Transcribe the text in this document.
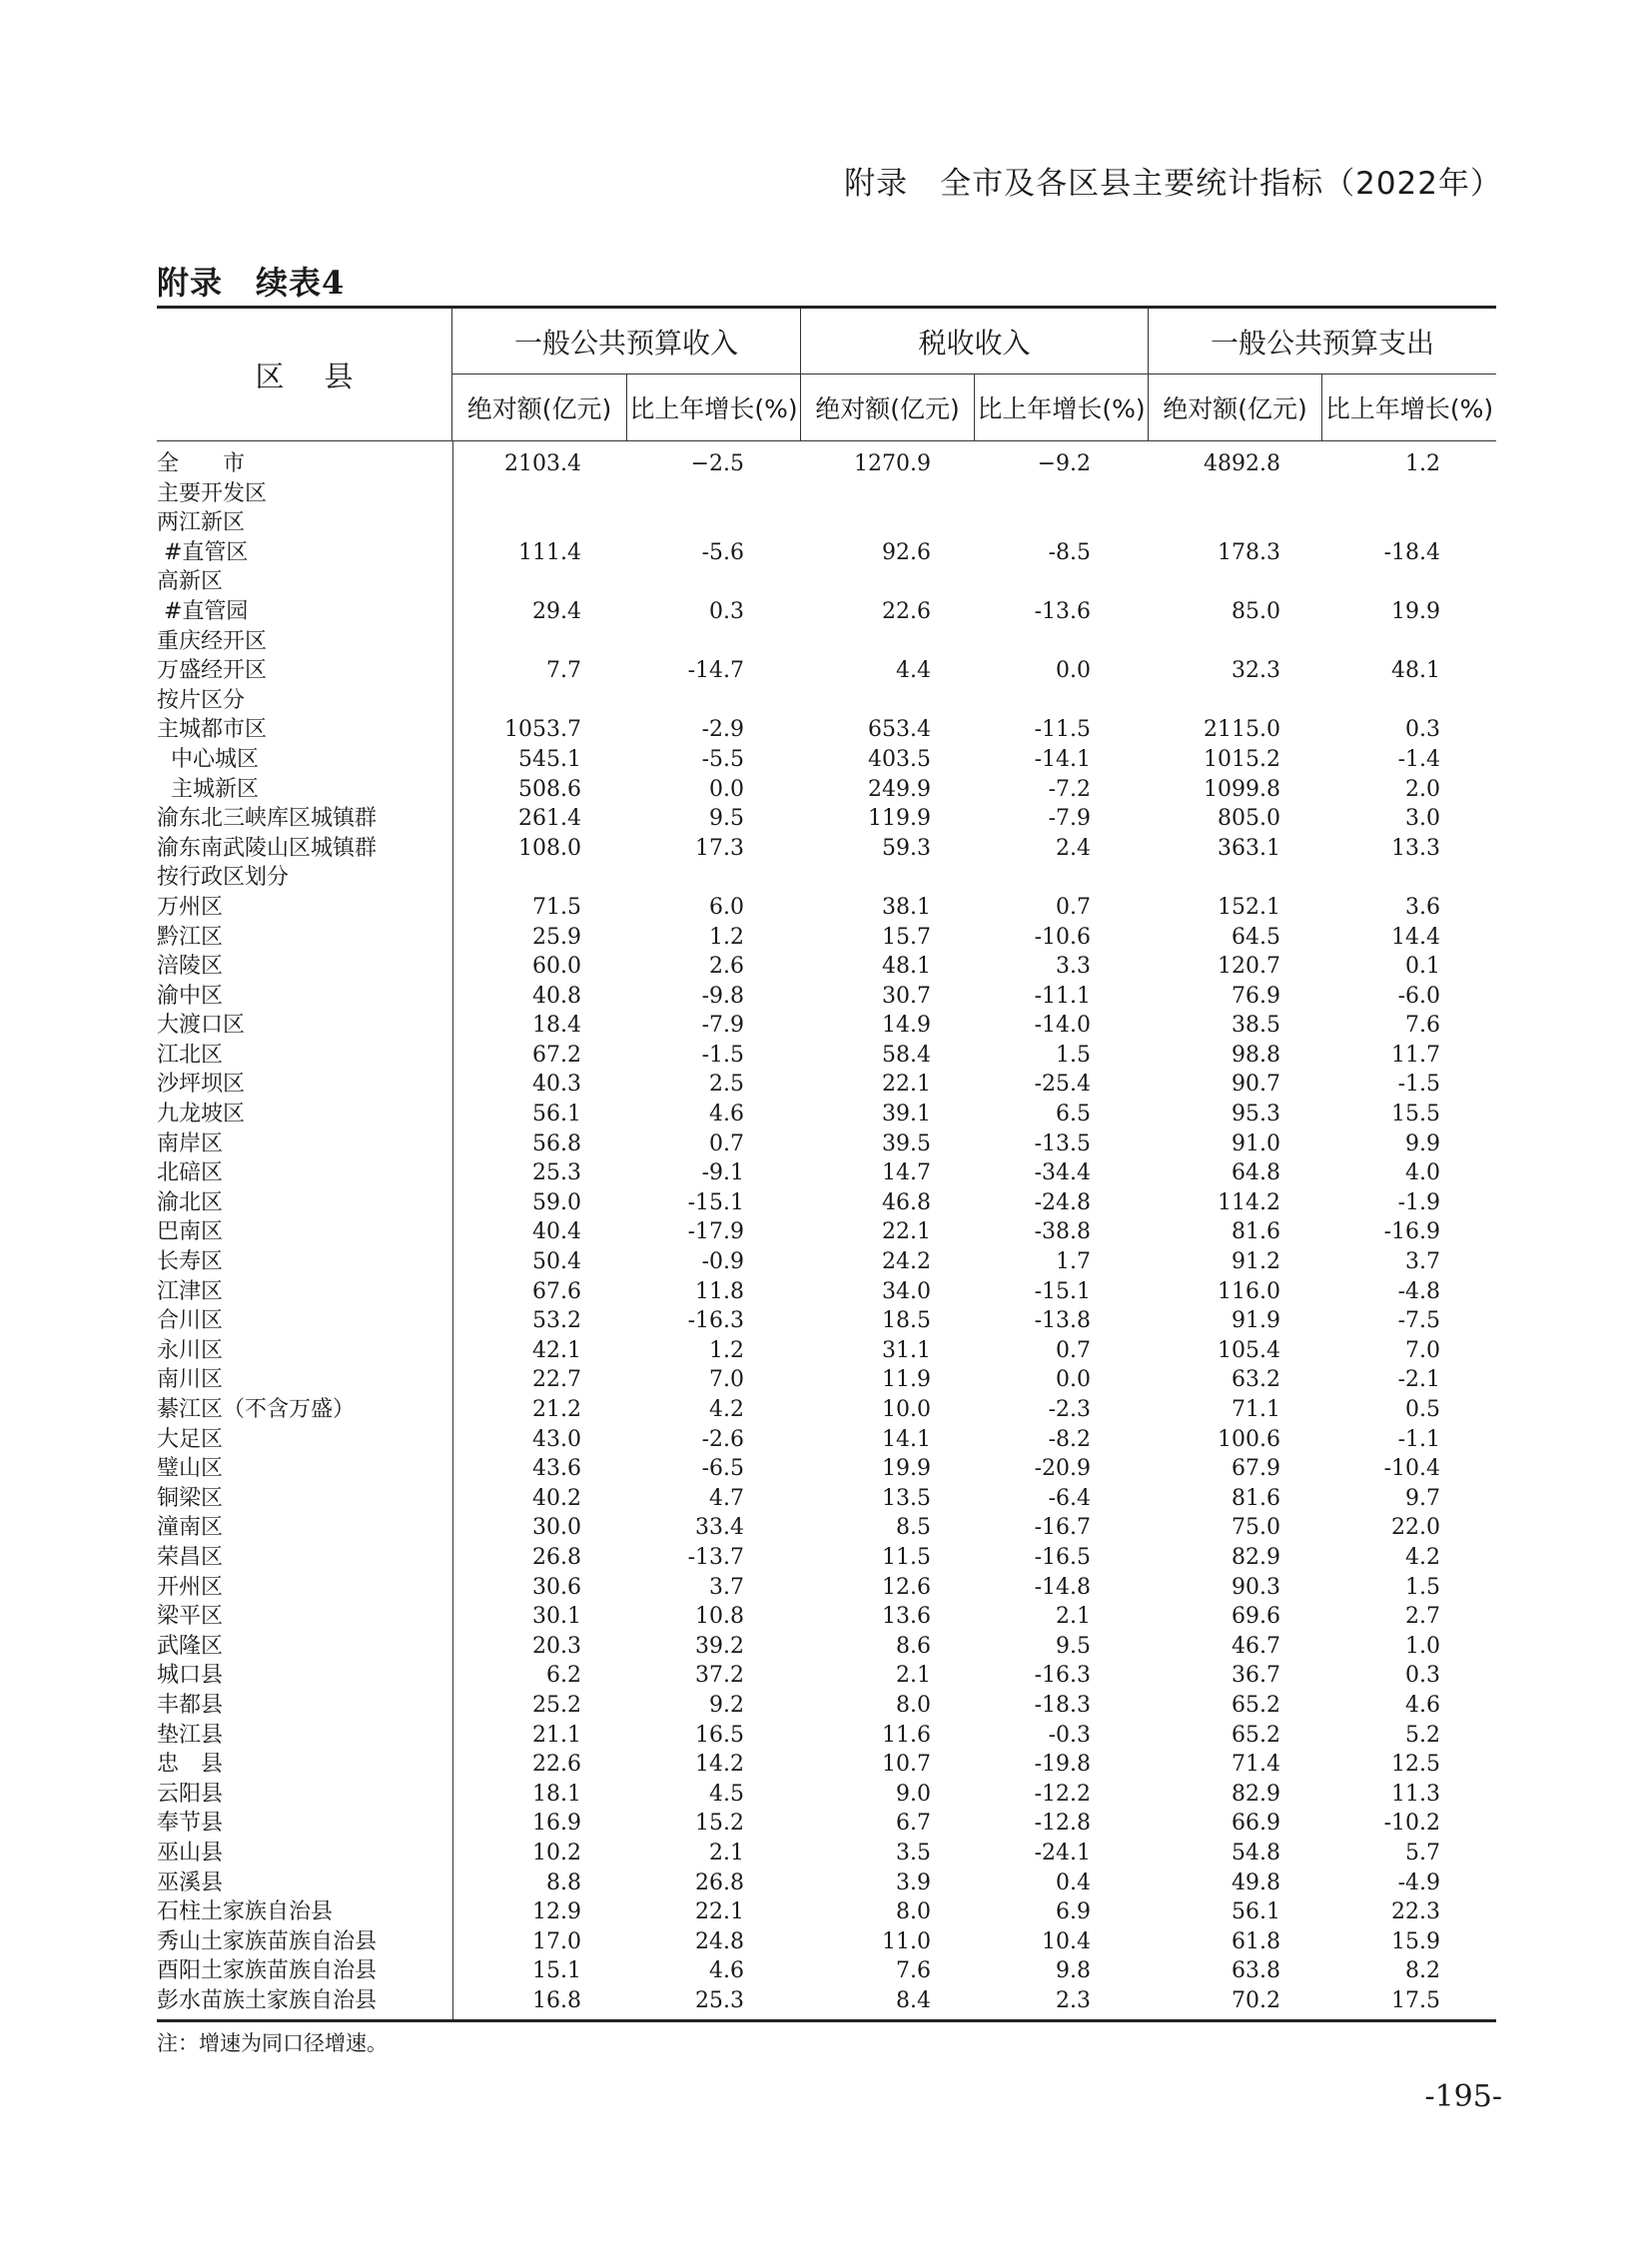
附录　全市及各区县主要统计指标（2022年）
附录　续表4
区县
一般公共预算收入	税收收入	一般公共预算支出
绝对额(亿元) 比上年增长(%) 绝对额(亿元) 比上年增长(%) 绝对额(亿元) 比上年增长(%)
全　　市	2103.4	−2.5	1270.9	−9.2	4892.8	1.2
主要开发区
两江新区
#直管区	111.4	-5.6	92.6	-8.5	178.3	-18.4
高新区
#直管园	29.4	0.3	22.6	-13.6	85.0	19.9
重庆经开区
万盛经开区	7.7	-14.7	4.4	0.0	32.3	48.1
按片区分
主城都市区	1053.7	-2.9	653.4	-11.5	2115.0	0.3
中心城区	545.1	-5.5	403.5	-14.1	1015.2	-1.4
主城新区	508.6	0.0	249.9	-7.2	1099.8	2.0
渝东北三峡库区城镇群	261.4	9.5	119.9	-7.9	805.0	3.0
渝东南武陵山区城镇群	108.0	17.3	59.3	2.4	363.1	13.3
按行政区划分
万州区	71.5	6.0	38.1	0.7	152.1	3.6
黔江区	25.9	1.2	15.7	-10.6	64.5	14.4
涪陵区	60.0	2.6	48.1	3.3	120.7	0.1
渝中区	40.8	-9.8	30.7	-11.1	76.9	-6.0
大渡口区	18.4	-7.9	14.9	-14.0	38.5	7.6
江北区	67.2	-1.5	58.4	1.5	98.8	11.7
沙坪坝区	40.3	2.5	22.1	-25.4	90.7	-1.5
九龙坡区	56.1	4.6	39.1	6.5	95.3	15.5
南岸区	56.8	0.7	39.5	-13.5	91.0	9.9
北碚区	25.3	-9.1	14.7	-34.4	64.8	4.0
渝北区	59.0	-15.1	46.8	-24.8	114.2	-1.9
巴南区	40.4	-17.9	22.1	-38.8	81.6	-16.9
长寿区	50.4	-0.9	24.2	1.7	91.2	3.7
江津区	67.6	11.8	34.0	-15.1	116.0	-4.8
合川区	53.2	-16.3	18.5	-13.8	91.9	-7.5
永川区	42.1	1.2	31.1	0.7	105.4	7.0
南川区	22.7	7.0	11.9	0.0	63.2	-2.1
綦江区（不含万盛）	21.2	4.2	10.0	-2.3	71.1	0.5
大足区	43.0	-2.6	14.1	-8.2	100.6	-1.1
璧山区	43.6	-6.5	19.9	-20.9	67.9	-10.4
铜梁区	40.2	4.7	13.5	-6.4	81.6	9.7
潼南区	30.0	33.4	8.5	-16.7	75.0	22.0
荣昌区	26.8	-13.7	11.5	-16.5	82.9	4.2
开州区	30.6	3.7	12.6	-14.8	90.3	1.5
梁平区	30.1	10.8	13.6	2.1	69.6	2.7
武隆区	20.3	39.2	8.6	9.5	46.7	1.0
城口县	6.2	37.2	2.1	-16.3	36.7	0.3
丰都县	25.2	9.2	8.0	-18.3	65.2	4.6
垫江县	21.1	16.5	11.6	-0.3	65.2	5.2
忠　县	22.6	14.2	10.7	-19.8	71.4	12.5
云阳县	18.1	4.5	9.0	-12.2	82.9	11.3
奉节县	16.9	15.2	6.7	-12.8	66.9	-10.2
巫山县	10.2	2.1	3.5	-24.1	54.8	5.7
巫溪县	8.8	26.8	3.9	0.4	49.8	-4.9
石柱土家族自治县	12.9	22.1	8.0	6.9	56.1	22.3
秀山土家族苗族自治县	17.0	24.8	11.0	10.4	61.8	15.9
酉阳土家族苗族自治县	15.1	4.6	7.6	9.8	63.8	8.2
彭水苗族土家族自治县	16.8	25.3	8.4	2.3	70.2	17.5
注：增速为同口径增速。
-195-
